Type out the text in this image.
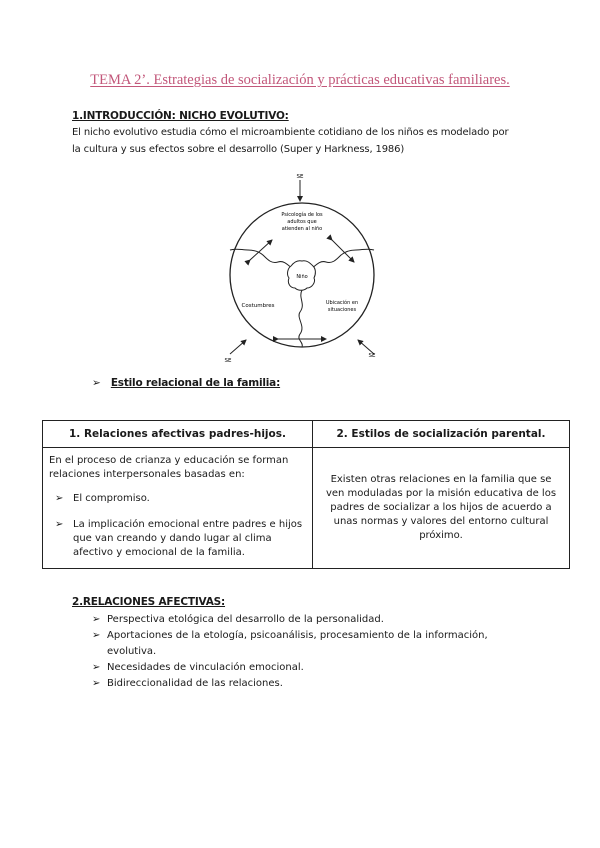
TEMA 2’. Estrategias de socialización y prácticas educativas familiares.
1.INTRODUCCIÓN: NICHO EVOLUTIVO:
El nicho evolutivo estudia cómo el microambiente cotidiano de los niños es modelado por
la cultura y sus efectos sobre el desarrollo (Super y Harkness, 1986)
SE
Psicología de los
adultos que
atienden al niño
Niño
Costumbres	Ubicación en
situaciones
SE
SE
➢ Estilo relacional de la familia:
1. Relaciones afectivas padres-hijos.	2. Estilos de socialización parental.

En el proceso de crianza y educación se forman relaciones interpersonales basadas en:
➢ El compromiso.
➢ La implicación emocional entre padres e hijos que van creando y dando lugar al clima afectivo y emocional de la familia.	Existen otras relaciones en la familia que se ven moduladas por la misión educativa de los padres de socializar a los hijos de acuerdo a unas normas y valores del entorno cultural próximo.
2.RELACIONES AFECTIVAS:
➢ Perspectiva etológica del desarrollo de la personalidad.
➢ Aportaciones de la etología, psicoanálisis, procesamiento de la información, evolutiva.
➢ Necesidades de vinculación emocional.
➢ Bidireccionalidad de las relaciones.
